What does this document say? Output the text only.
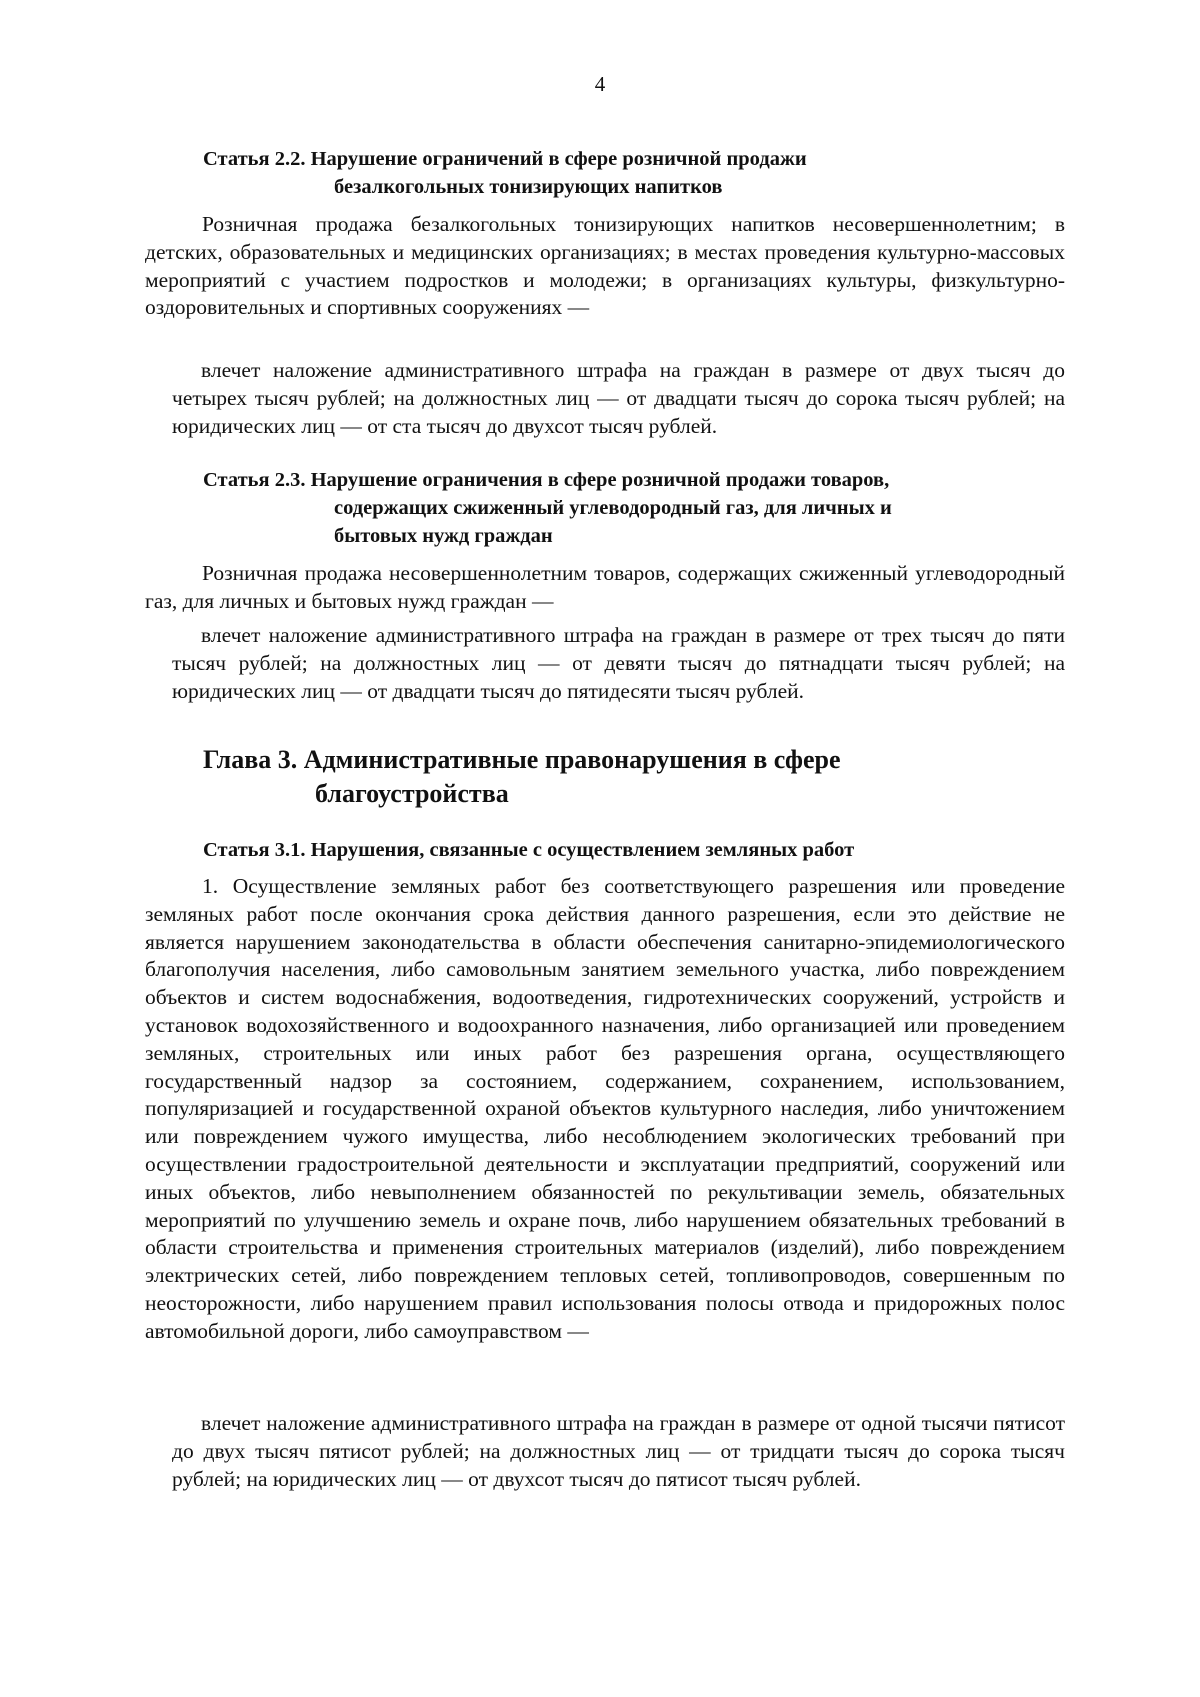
4
Статья 2.2. Нарушение ограничений в сфере розничной продажи
безалкогольных тонизирующих напитков

Розничная продажа безалкогольных тонизирующих напитков несовершеннолетним; в детских, образовательных и медицинских организациях; в местах проведения культурно-массовых мероприятий с участием подростков и молодежи; в организациях культуры, физкультурно-оздоровительных и спортивных сооружениях —

влечет наложение административного штрафа на граждан в размере от двух тысяч до четырех тысяч рублей; на должностных лиц — от двадцати тысяч до сорока тысяч рублей; на юридических лиц — от ста тысяч до двухсот тысяч рублей.

Статья 2.3. Нарушение ограничения в сфере розничной продажи товаров,
содержащих сжиженный углеводородный газ, для личных и
бытовых нужд граждан

Розничная продажа несовершеннолетним товаров, содержащих сжиженный углеводородный газ, для личных и бытовых нужд граждан —

влечет наложение административного штрафа на граждан в размере от трех тысяч до пяти тысяч рублей; на должностных лиц — от девяти тысяч до пятнадцати тысяч рублей; на юридических лиц — от двадцати тысяч до пятидесяти тысяч рублей.

Глава 3. Административные правонарушения в сфере
благоустройства
Статья 3.1. Нарушения, связанные с осуществлением земляных работ

1. Осуществление земляных работ без соответствующего разрешения или проведение земляных работ после окончания срока действия данного разрешения, если это действие не является нарушением законодательства в области обеспечения санитарно-эпидемиологического благополучия населения, либо самовольным занятием земельного участка, либо повреждением объектов и систем водоснабжения, водоотведения, гидротехнических сооружений, устройств и установок водохозяйственного и водоохранного назначения, либо организацией или проведением земляных, строительных или иных работ без разрешения органа, осуществляющего государственный надзор за состоянием, содержанием, сохранением, использованием, популяризацией и государственной охраной объектов культурного наследия, либо уничтожением или повреждением чужого имущества, либо несоблюдением экологических требований при осуществлении градостроительной деятельности и эксплуатации предприятий, сооружений или иных объектов, либо невыполнением обязанностей по рекультивации земель, обязательных мероприятий по улучшению земель и охране почв, либо нарушением обязательных требований в области строительства и применения строительных материалов (изделий), либо повреждением электрических сетей, либо повреждением тепловых сетей, топливопроводов, совершенным по неосторожности, либо нарушением правил использования полосы отвода и придорожных полос автомобильной дороги, либо самоуправством —

влечет наложение административного штрафа на граждан в размере от одной тысячи пятисот до двух тысяч пятисот рублей; на должностных лиц — от тридцати тысяч до сорока тысяч рублей; на юридических лиц — от двухсот тысяч до пятисот тысяч рублей.
